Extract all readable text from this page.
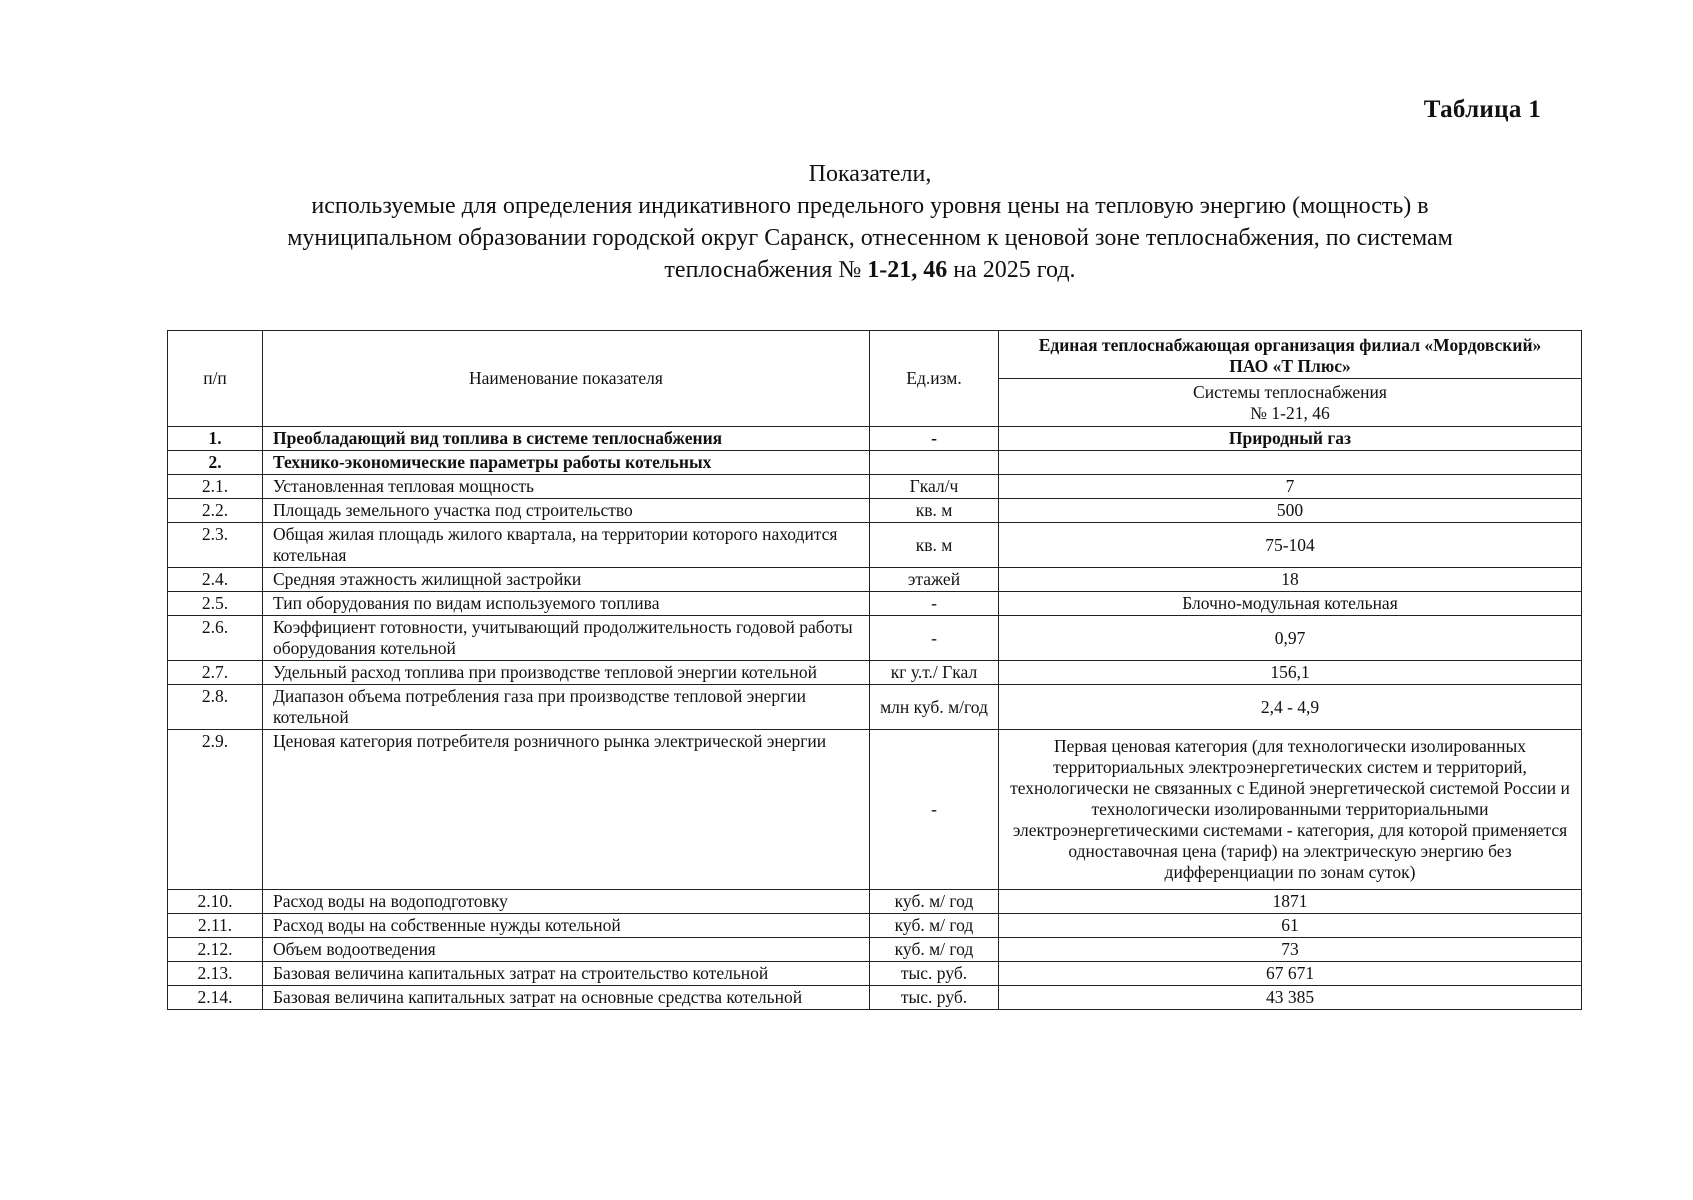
Таблица 1
Показатели,
используемые для определения индикативного предельного уровня цены на тепловую энергию (мощность) в
муниципальном образовании городской округ Саранск, отнесенном к ценовой зоне теплоснабжения, по системам
теплоснабжения № 1-21, 46 на 2025 год.
п/п	Наименование показателя	Ед.изм.	Единая теплоснабжающая организация филиал «Мордовский»
ПАО «Т Плюс»

			Системы теплоснабжения
№ 1-21, 46

1.	Преобладающий вид топлива в системе теплоснабжения	-	Природный газ
2.	Технико-экономические параметры работы котельных		
2.1.	Установленная тепловая мощность	Гкал/ч	7
2.2.	Площадь земельного участка под строительство	кв. м	500
2.3.	Общая жилая площадь жилого квартала, на территории которого находится котельная	кв. м	75-104
2.4.	Средняя этажность жилищной застройки	этажей	18
2.5.	Тип оборудования по видам используемого топлива	-	Блочно-модульная котельная
2.6.	Коэффициент готовности, учитывающий продолжительность годовой работы оборудования котельной	-	0,97
2.7.	Удельный расход топлива при производстве тепловой энергии котельной	кг у.т./ Гкал	156,1
2.8.	Диапазон объема потребления газа при производстве тепловой энергии котельной	млн куб. м/год	2,4 - 4,9
2.9.	Ценовая категория потребителя розничного рынка электрической энергии	-	Первая ценовая категория (для технологически изолированных территориальных электроэнергетических систем и территорий, технологически не связанных с Единой энергетической системой России и технологически изолированными территориальными электроэнергетическими системами - категория, для которой применяется одноставочная цена (тариф) на электрическую энергию без дифференциации по зонам суток)
2.10.	Расход воды на водоподготовку	куб. м/ год	1871
2.11.	Расход воды на собственные нужды котельной	куб. м/ год	61
2.12.	Объем водоотведения	куб. м/ год	73
2.13.	Базовая величина капитальных затрат на строительство котельной	тыс. руб.	67 671
2.14.	Базовая величина капитальных затрат на основные средства котельной	тыс. руб.	43 385
